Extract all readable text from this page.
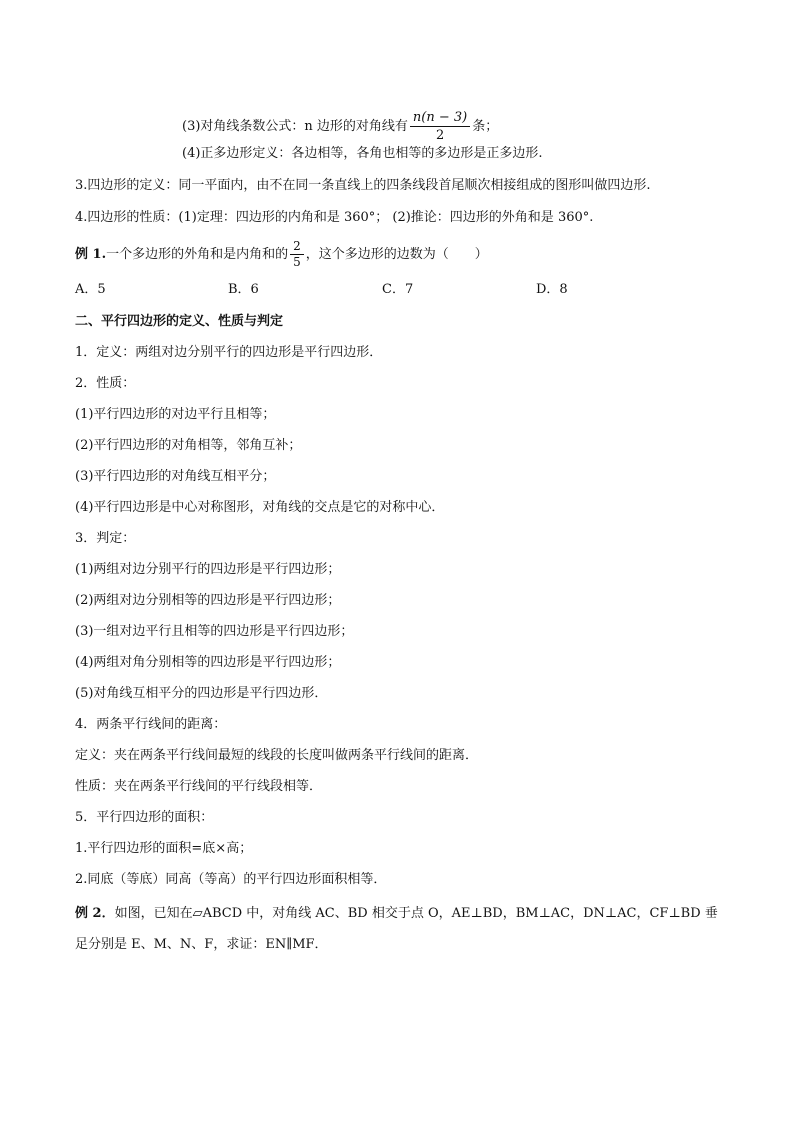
(3)对角线条数公式：n 边形的对角线有 $\frac{n(n - 3)}{2}$ 条；
(4)正多边形定义：各边相等，各角也相等的多边形是正多边形.
3.四边形的定义：同一平面内，由不在同一条直线上的四条线段首尾顺次相接组成的图形叫做四边形.
4.四边形的性质：(1)定理：四边形的内角和是 360°； (2)推论：四边形的外角和是 360°.
例 1.一个多边形的外角和是内角和的 $\frac{2}{5}$ ，这个多边形的边数为（　　）
A．5	B．6	C．7	D．8
二、平行四边形的定义、性质与判定
1．定义：两组对边分别平行的四边形是平行四边形．
2．性质：
(1)平行四边形的对边平行且相等；
(2)平行四边形的对角相等，邻角互补；
(3)平行四边形的对角线互相平分；
(4)平行四边形是中心对称图形，对角线的交点是它的对称中心．
3．判定：
(1)两组对边分别平行的四边形是平行四边形；
(2)两组对边分别相等的四边形是平行四边形；
(3)一组对边平行且相等的四边形是平行四边形；
(4)两组对角分别相等的四边形是平行四边形；
(5)对角线互相平分的四边形是平行四边形．
4．两条平行线间的距离：
定义：夹在两条平行线间最短的线段的长度叫做两条平行线间的距离．
性质：夹在两条平行线间的平行线段相等．
5．平行四边形的面积：
1.平行四边形的面积=底×高；
2.同底（等底）同高（等高）的平行四边形面积相等．
例 2．如图，已知在▱ABCD 中，对角线 AC、BD 相交于点 O，AE⊥BD，BM⊥AC，DN⊥AC，CF⊥BD 垂
足分别是 E、M、N、F，求证：EN∥MF．
